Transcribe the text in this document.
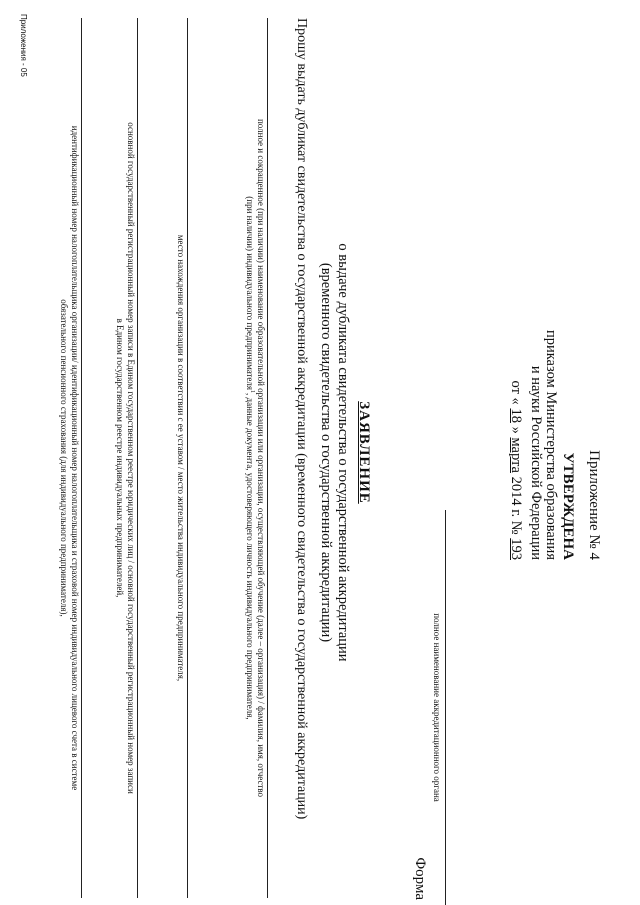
Приложение № 4
УТВЕРЖДЕНА
приказом Министерства образования
и науки Российской Федерации
от « 18 » марта 2014 г. № 193
полное наименование аккредитационного органа
Форма
ЗАЯВЛЕНИЕ
о выдаче дубликата свидетельства о государственной аккредитации
(временного свидетельства о государственной аккредитации)
Прошу выдать дубликат свидетельства о государственной аккредитации (временного свидетельства о государственной аккредитации)
полное и сокращенное (при наличии) наименование образовательной организации или организации, осуществляющей обучение (далее – организация) / фамилия, имя, отчество
(при наличии) индивидуального предпринимателя$^1$, данные документа, удостоверяющего личность индивидуального предпринимателя,
место нахождения организации в соответствии с ее уставом / место жительства индивидуального предпринимателя,
основной государственный регистрационный номер записи в Едином государственном реестре юридических лиц / основной государственный регистрационный номер записи
в Едином государственном реестре индивидуальных предпринимателей,
идентификационный номер налогоплательщика организации/ идентификационный номер налогоплательщика и страховой номер индивидуального лицевого счета в системе
обязательного пенсионного страхования (для индивидуального предпринимателя),
Приложения - 05
